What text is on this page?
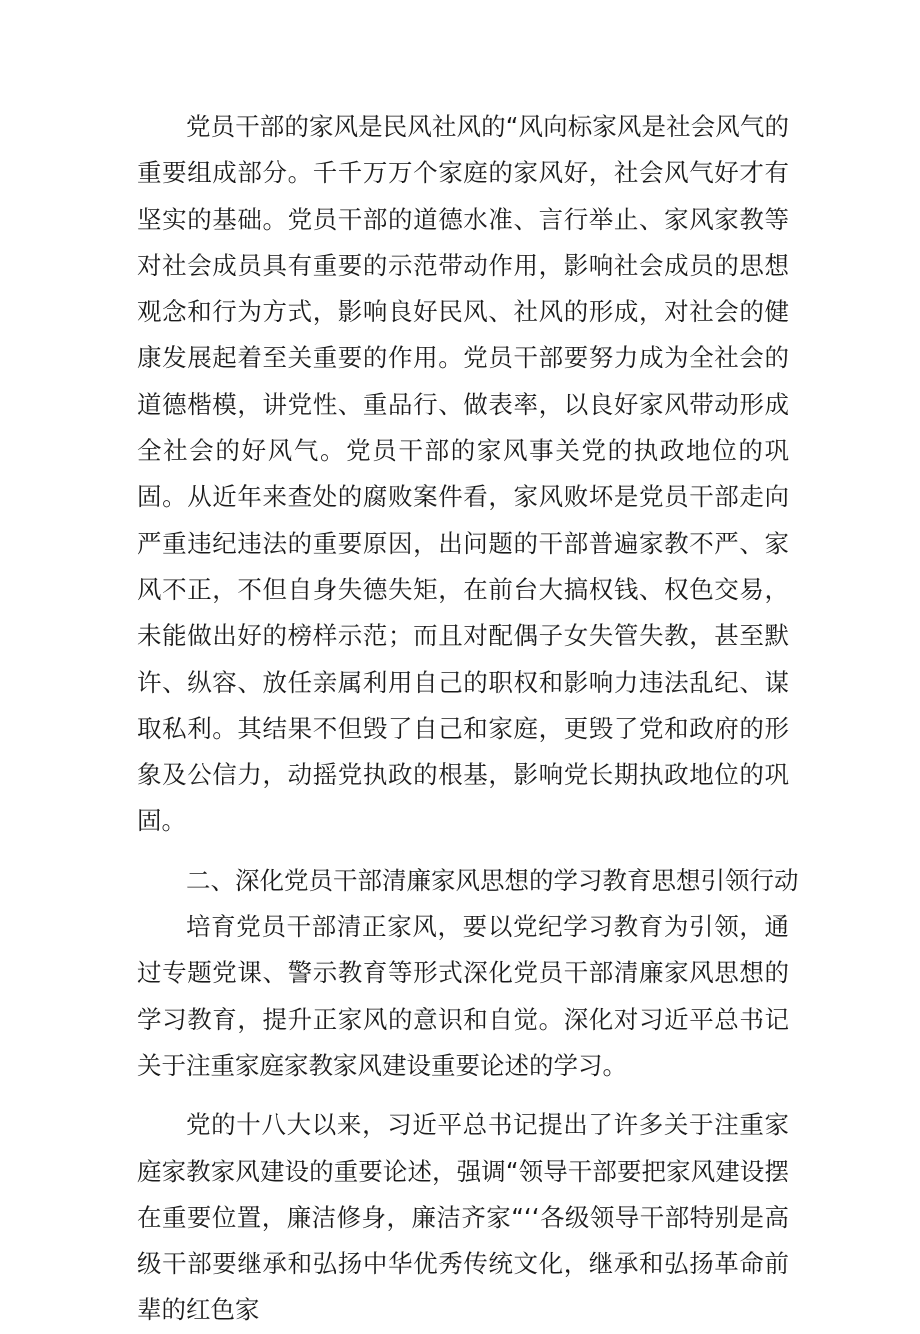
党员干部的家风是民风社风的“风向标家风是社会风气的重要组成部分。千千万万个家庭的家风好，社会风气好才有坚实的基础。党员干部的道德水准、言行举止、家风家教等对社会成员具有重要的示范带动作用，影响社会成员的思想观念和行为方式，影响良好民风、社风的形成，对社会的健康发展起着至关重要的作用。党员干部要努力成为全社会的道德楷模，讲党性、重品行、做表率，以良好家风带动形成全社会的好风气。党员干部的家风事关党的执政地位的巩固。从近年来查处的腐败案件看，家风败坏是党员干部走向严重违纪违法的重要原因，出问题的干部普遍家教不严、家风不正，不但自身失德失矩，在前台大搞权钱、权色交易，未能做出好的榜样示范；而且对配偶子女失管失教，甚至默许、纵容、放任亲属利用自己的职权和影响力违法乱纪、谋取私利。其结果不但毁了自己和家庭，更毁了党和政府的形象及公信力，动摇党执政的根基，影响党长期执政地位的巩固。

二、深化党员干部清廉家风思想的学习教育思想引领行动

培育党员干部清正家风，要以党纪学习教育为引领，通过专题党课、警示教育等形式深化党员干部清廉家风思想的学习教育，提升正家风的意识和自觉。深化对习近平总书记关于注重家庭家教家风建设重要论述的学习。

党的十八大以来，习近平总书记提出了许多关于注重家庭家教家风建设的重要论述，强调“领导干部要把家风建设摆在重要位置，廉洁修身，廉洁齐家“‘‘各级领导干部特别是高级干部要继承和弘扬中华优秀传统文化，继承和弘扬革命前辈的红色家
